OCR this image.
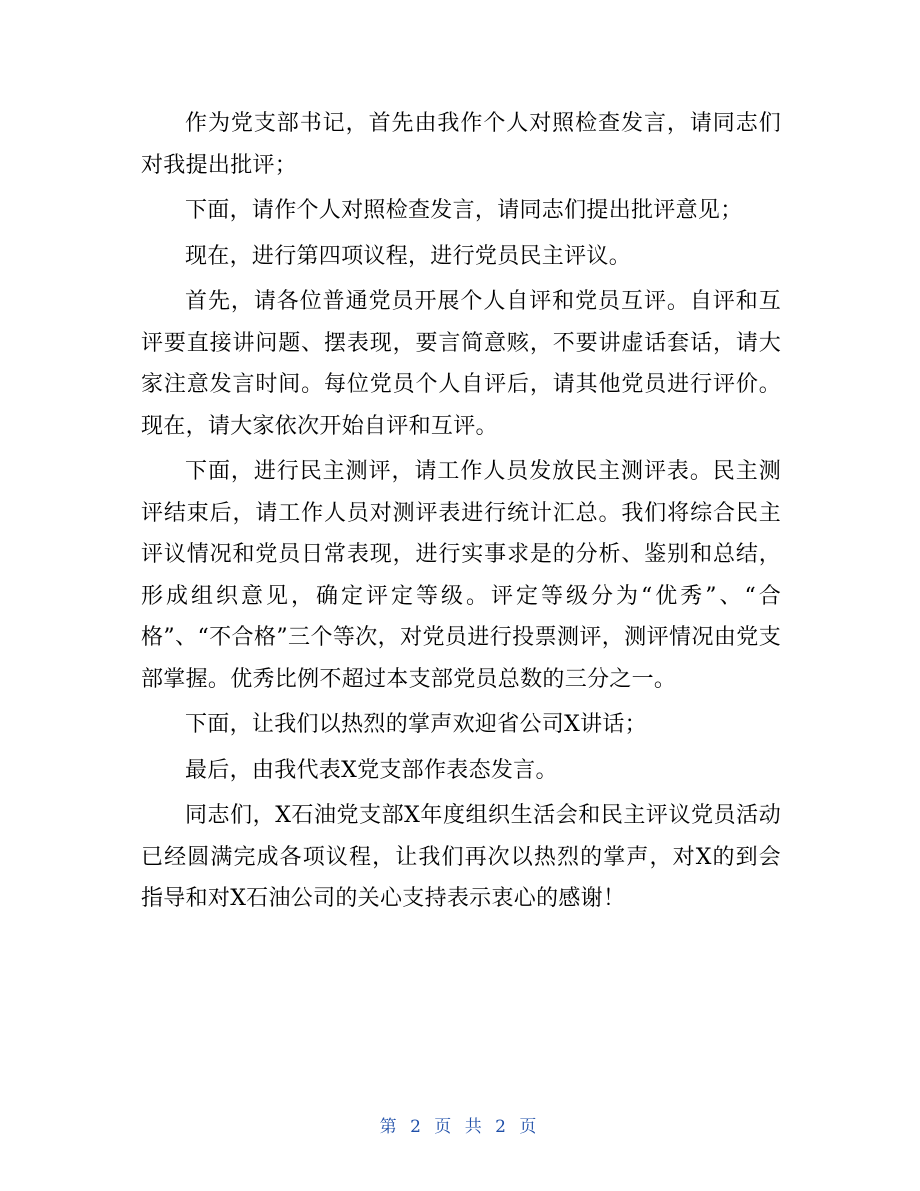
作为党支部书记，首先由我作个人对照检查发言，请同志们对我提出批评；

下面，请作个人对照检查发言，请同志们提出批评意见；

现在，进行第四项议程，进行党员民主评议。

首先，请各位普通党员开展个人自评和党员互评。自评和互评要直接讲问题、摆表现，要言简意赅，不要讲虚话套话，请大家注意发言时间。每位党员个人自评后，请其他党员进行评价。现在，请大家依次开始自评和互评。

下面，进行民主测评，请工作人员发放民主测评表。民主测评结束后，请工作人员对测评表进行统计汇总。我们将综合民主评议情况和党员日常表现，进行实事求是的分析、鉴别和总结，形成组织意见，确定评定等级。评定等级分为“优秀”、“合格”、“不合格”三个等次，对党员进行投票测评，测评情况由党支部掌握。优秀比例不超过本支部党员总数的三分之一。

下面，让我们以热烈的掌声欢迎省公司X讲话；

最后，由我代表X党支部作表态发言。

同志们，X石油党支部X年度组织生活会和民主评议党员活动已经圆满完成各项议程，让我们再次以热烈的掌声，对X的到会指导和对X石油公司的关心支持表示衷心的感谢！

第 2 页 共 2 页
